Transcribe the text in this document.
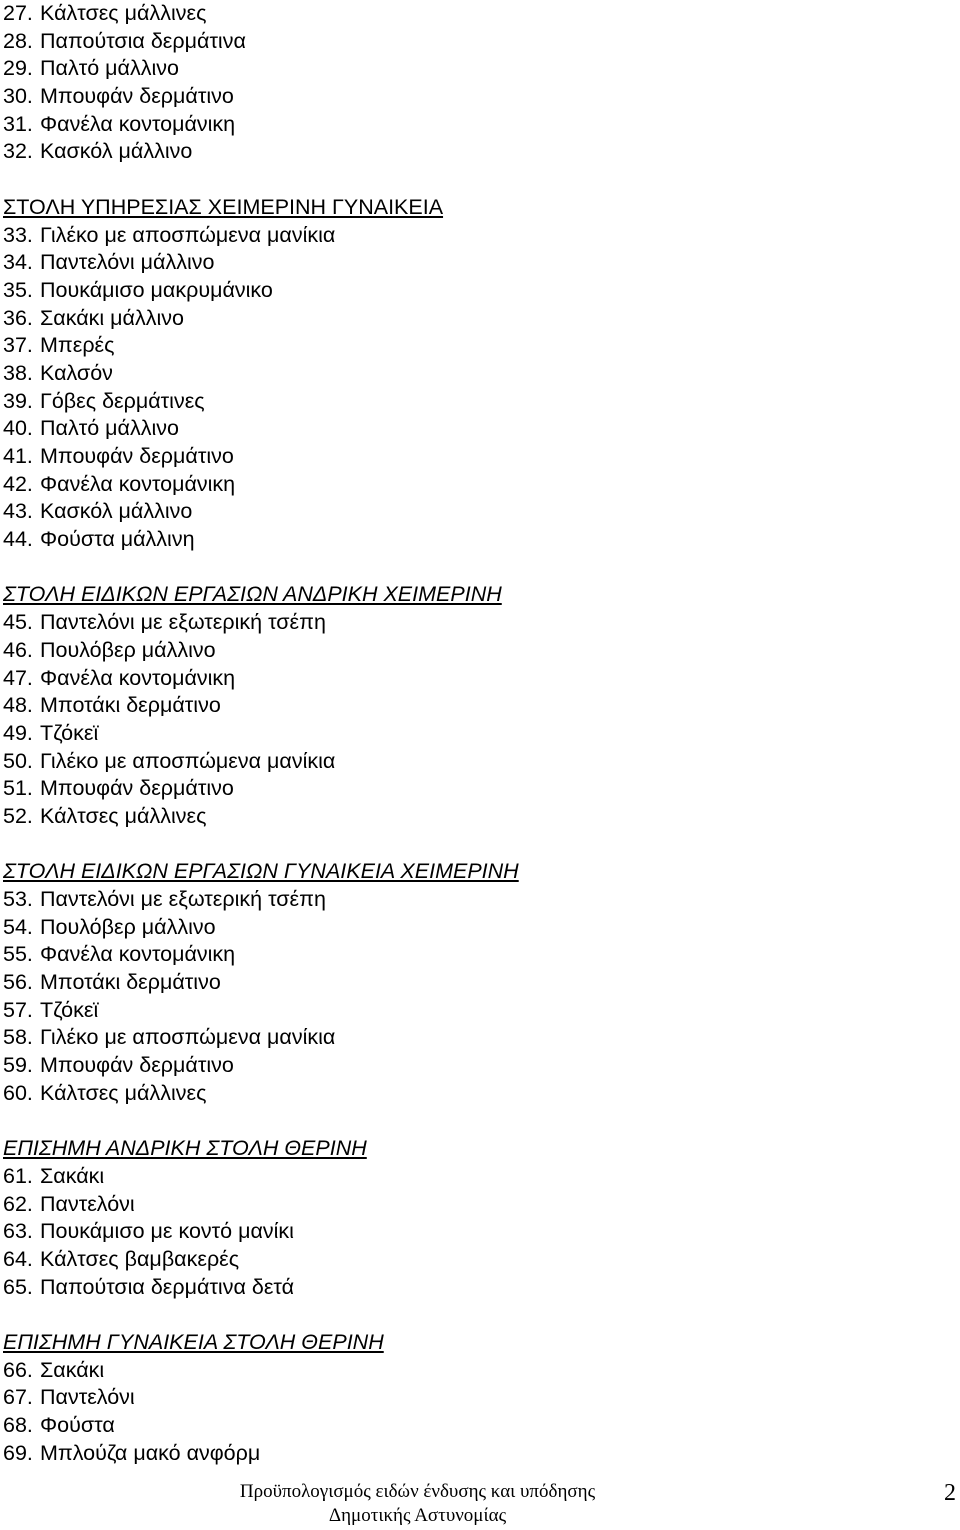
27. Κάλτσες μάλλινες
28. Παπούτσια δερμάτινα
29. Παλτό μάλλινο
30. Μπουφάν δερμάτινο
31. Φανέλα κοντομάνικη
32. Κασκόλ μάλλινο
ΣΤΟΛΗ ΥΠΗΡΕΣΙΑΣ ΧΕΙΜΕΡΙΝΗ ΓΥΝΑΙΚΕΙΑ
33. Γιλέκο με αποσπώμενα μανίκια
34. Παντελόνι μάλλινο
35. Πουκάμισο μακρυμάνικο
36. Σακάκι μάλλινο
37. Μπερές
38. Καλσόν
39. Γόβες δερμάτινες
40. Παλτό μάλλινο
41. Μπουφάν δερμάτινο
42. Φανέλα κοντομάνικη
43. Κασκόλ μάλλινο
44. Φούστα μάλλινη
ΣΤΟΛΗ ΕΙΔΙΚΩΝ ΕΡΓΑΣΙΩΝ ΑΝΔΡΙΚΗ ΧΕΙΜΕΡΙΝΗ
45. Παντελόνι με εξωτερική τσέπη
46. Πουλόβερ μάλλινο
47. Φανέλα κοντομάνικη
48. Μποτάκι δερμάτινο
49. Τζόκεϊ
50. Γιλέκο με αποσπώμενα μανίκια
51. Μπουφάν δερμάτινο
52. Κάλτσες μάλλινες
ΣΤΟΛΗ ΕΙΔΙΚΩΝ ΕΡΓΑΣΙΩΝ ΓΥΝΑΙΚΕΙΑ ΧΕΙΜΕΡΙΝΗ
53. Παντελόνι με εξωτερική τσέπη
54. Πουλόβερ μάλλινο
55. Φανέλα κοντομάνικη
56. Μποτάκι δερμάτινο
57. Τζόκεϊ
58. Γιλέκο με αποσπώμενα μανίκια
59. Μπουφάν δερμάτινο
60. Κάλτσες μάλλινες
ΕΠΙΣΗΜΗ ΑΝΔΡΙΚΗ ΣΤΟΛΗ ΘΕΡΙΝΗ
61. Σακάκι
62. Παντελόνι
63. Πουκάμισο με κοντό μανίκι
64. Κάλτσες βαμβακερές
65. Παπούτσια δερμάτινα δετά
ΕΠΙΣΗΜΗ ΓΥΝΑΙΚΕΙΑ ΣΤΟΛΗ ΘΕΡΙΝΗ
66. Σακάκι
67. Παντελόνι
68. Φούστα
69. Μπλούζα μακό ανφόρμ
Προϋπολογισμός ειδών ένδυσης και υπόδησης
Δημοτικής Αστυνομίας
2
